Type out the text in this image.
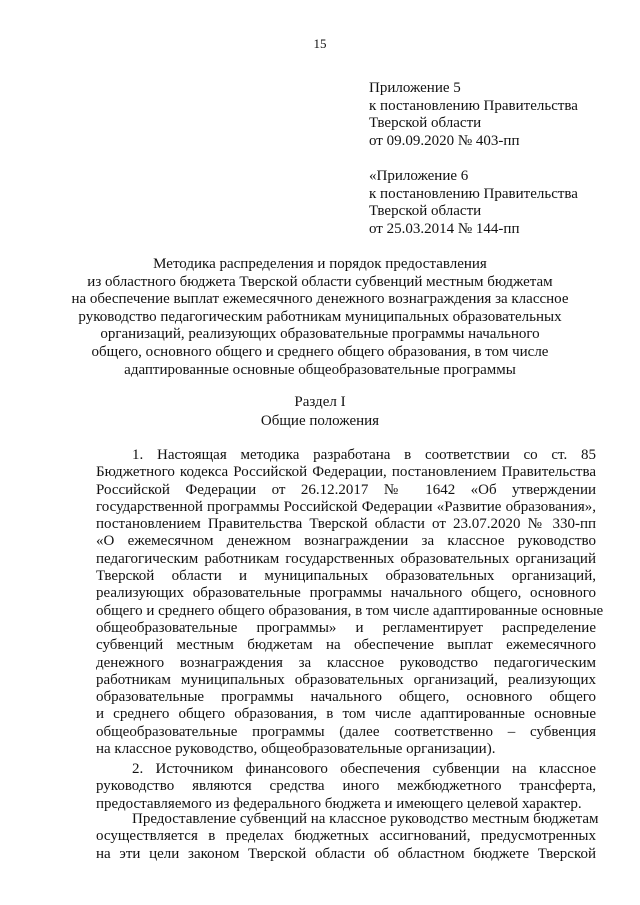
15
Приложение 5
к постановлению Правительства
Тверской области
от 09.09.2020 № 403-пп
«Приложение 6
к постановлению Правительства
Тверской области
от 25.03.2014 № 144-пп
Методика распределения и порядок предоставления
из областного бюджета Тверской области субвенций местным бюджетам
на обеспечение выплат ежемесячного денежного вознаграждения за классное
руководство педагогическим работникам муниципальных образовательных
организаций, реализующих образовательные программы начального
общего, основного общего и среднего общего образования, в том числе
адаптированные основные общеобразовательные программы
Раздел I
Общие положения
1. Настоящая методика разработана в соответствии со ст. 85
Бюджетного кодекса Российской Федерации, постановлением Правительства
Российской Федерации от 26.12.2017 № 1642 «Об утверждении
государственной программы Российской Федерации «Развитие образования»,
постановлением Правительства Тверской области от 23.07.2020 № 330-пп
«О ежемесячном денежном вознаграждении за классное руководство
педагогическим работникам государственных образовательных организаций
Тверской области и муниципальных образовательных организаций,
реализующих образовательные программы начального общего, основного
общего и среднего общего образования, в том числе адаптированные основные
общеобразовательные программы» и регламентирует распределение
субвенций местным бюджетам на обеспечение выплат ежемесячного
денежного вознаграждения за классное руководство педагогическим
работникам муниципальных образовательных организаций, реализующих
образовательные программы начального общего, основного общего
и среднего общего образования, в том числе адаптированные основные
общеобразовательные программы (далее соответственно – субвенция
на классное руководство, общеобразовательные организации).
2. Источником финансового обеспечения субвенции на классное
руководство являются средства иного межбюджетного трансферта,
предоставляемого из федерального бюджета и имеющего целевой характер.
Предоставление субвенций на классное руководство местным бюджетам
осуществляется в пределах бюджетных ассигнований, предусмотренных
на эти цели законом Тверской области об областном бюджете Тверской
